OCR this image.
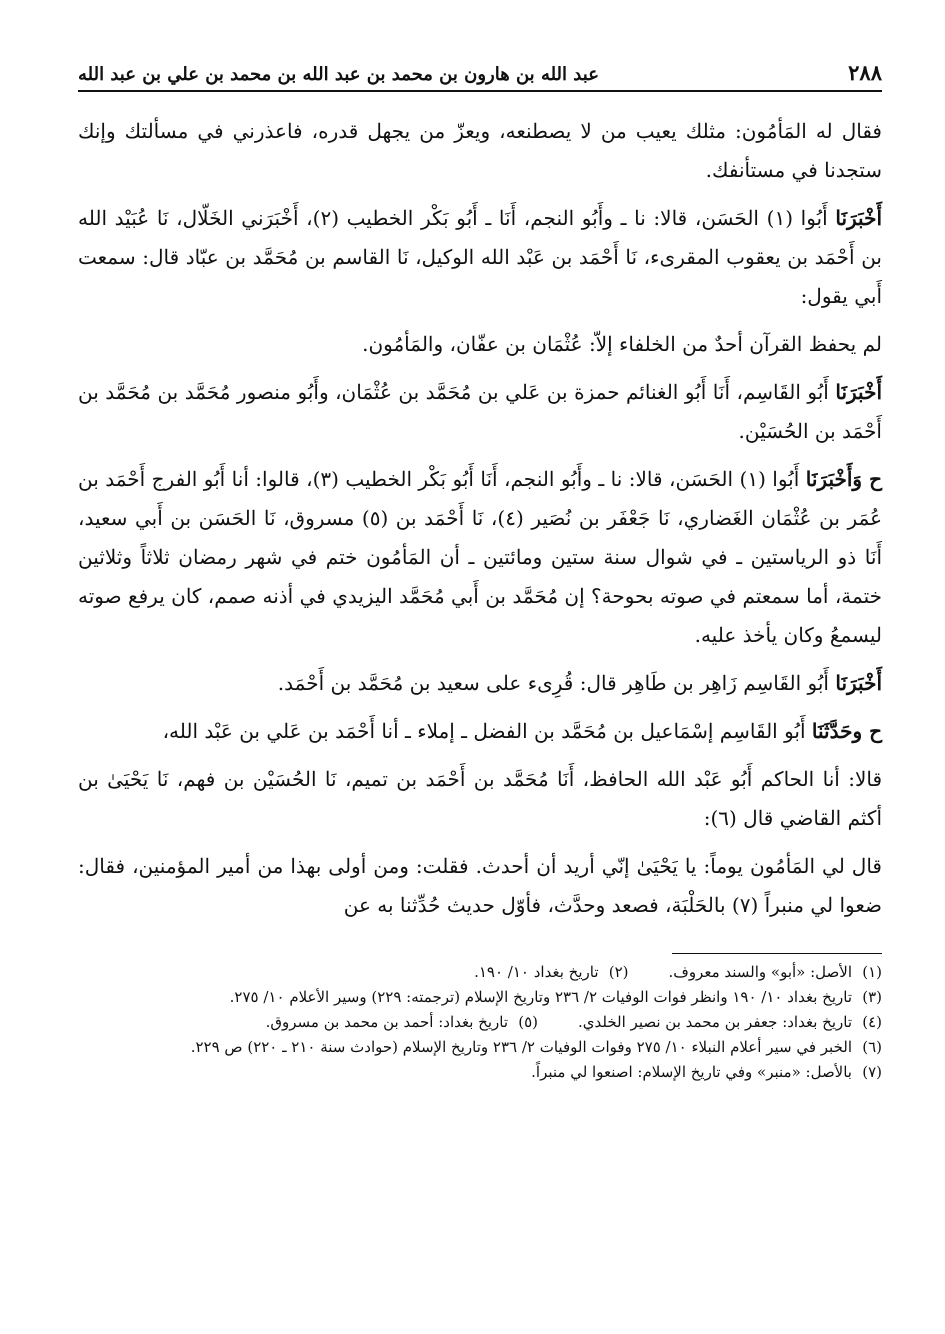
٢٨٨
عبد الله بن هارون بن محمد بن عبد الله بن محمد بن علي بن عبد الله

فقال له المَأمُون: مثلك يعيب من لا يصطنعه، ويعزّ من يجهل قدره، فاعذرني في مسألتك وإنك ستجدنا في مستأنفك.

أَخْبَرَنَا أَبُوا (١) الحَسَن، قالا: نا ـ وأَبُو النجم، أَنَا ـ أَبُو بَكْر الخطيب (٢)، أَخْبَرَني الخَلّال، نَا عُبَيْد الله بن أَحْمَد بن يعقوب المقرىء، نَا أَحْمَد بن عَبْد الله الوكيل، نَا القاسم بن مُحَمَّد بن عبّاد قال: سمعت أَبي يقول:

لم يحفظ القرآن أحدٌ من الخلفاء إلاّ: عُثْمَان بن عفّان، والمَأمُون.

أَخْبَرَنَا أَبُو القَاسِم، أَنَا أَبُو الغنائم حمزة بن عَلي بن مُحَمَّد بن عُثْمَان، وأَبُو منصور مُحَمَّد بن مُحَمَّد بن أَحْمَد بن الحُسَيْن.

ح وَأَخْبَرَنَا أَبُوا (١) الحَسَن، قالا: نا ـ وأَبُو النجم، أَنَا أَبُو بَكْر الخطيب (٣)، قالوا: أنا أَبُو الفرج أَحْمَد بن عُمَر بن عُثْمَان الغَضاري، نَا جَعْفَر بن نُصَير (٤)، نَا أَحْمَد بن (٥) مسروق، نَا الحَسَن بن أَبي سعيد، أَنَا ذو الرياستين ـ في شوال سنة ستين ومائتين ـ أن المَأمُون ختم في شهر رمضان ثلاثاً وثلاثين ختمة، أما سمعتم في صوته بحوحة؟ إن مُحَمَّد بن أَبي مُحَمَّد اليزيدي في أذنه صمم، كان يرفع صوته ليسمعُ وكان يأخذ عليه.

أَخْبَرَنَا أَبُو القَاسِم زَاهِر بن طَاهِر قال: قُرِىء على سعيد بن مُحَمَّد بن أَحْمَد.

ح وحَدَّثَنَا أَبُو القَاسِم إسْمَاعيل بن مُحَمَّد بن الفضل ـ إملاء ـ أنا أَحْمَد بن عَلي بن عَبْد الله،

قالا: أنا الحاكم أَبُو عَبْد الله الحافظ، أَنَا مُحَمَّد بن أَحْمَد بن تميم، نَا الحُسَيْن بن فهم، نَا يَحْيَىٰ بن أكثم القاضي قال (٦):

قال لي المَأمُون يوماً: يا يَحْيَىٰ إنّي أريد أن أحدث. فقلت: ومن أولى بهذا من أمير المؤمنين، فقال: ضعوا لي منبراً (٧) بالحَلْبَة، فصعد وحدَّث، فأوّل حديث حُدِّثنا به عن

(١)الأصل: «أبو» والسند معروف.

(٢)تاريخ بغداد ١٠/ ١٩٠.

(٣)تاريخ بغداد ١٠/ ١٩٠ وانظر فوات الوفيات ٢/ ٢٣٦ وتاريخ الإسلام (ترجمته: ٢٢٩) وسير الأعلام ١٠/ ٢٧٥.

(٤)تاريخ بغداد: جعفر بن محمد بن نصير الخلدي.

(٥)تاريخ بغداد: أحمد بن محمد بن مسروق.

(٦)الخبر في سير أعلام النبلاء ١٠/ ٢٧٥ وفوات الوفيات ٢/ ٢٣٦ وتاريخ الإسلام (حوادث سنة ٢١٠ ـ ٢٢٠) ص ٢٢٩.

(٧)بالأصل: «منبر» وفي تاريخ الإسلام: اصنعوا لي منبراً.
